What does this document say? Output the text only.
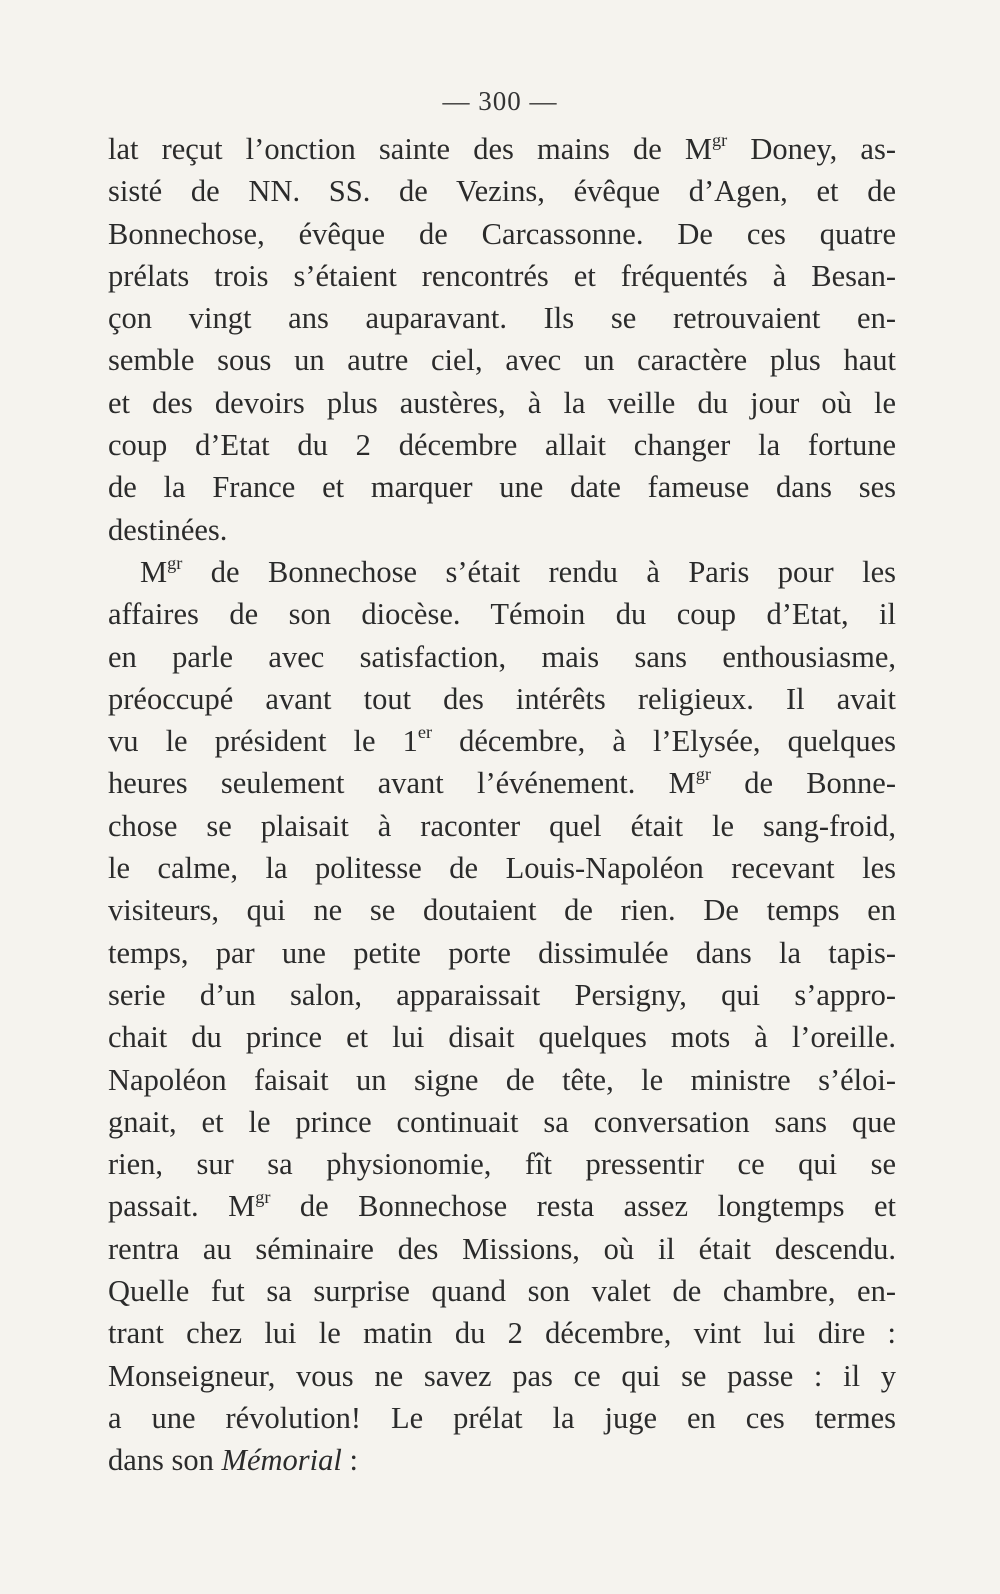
— 300 —
lat reçut l’onction sainte des mains de $M^{gr}$ Doney, as-
sisté de NN. SS. de Vezins, évêque d’Agen, et de
Bonnechose, évêque de Carcassonne. De ces quatre
prélats trois s’étaient rencontrés et fréquentés à Besan-
çon vingt ans auparavant. Ils se retrouvaient en-
semble sous un autre ciel, avec un caractère plus haut
et des devoirs plus austères, à la veille du jour où le
coup d’Etat du 2 décembre allait changer la fortune
de la France et marquer une date fameuse dans ses
destinées.
$M^{gr}$ de Bonnechose s’était rendu à Paris pour les
affaires de son diocèse. Témoin du coup d’Etat, il
en parle avec satisfaction, mais sans enthousiasme,
préoccupé avant tout des intérêts religieux. Il avait
vu le président le 1er décembre, à l’Elysée, quelques
heures seulement avant l’événement. $M^{gr}$ de Bonne-
chose se plaisait à raconter quel était le sang-froid,
le calme, la politesse de Louis-Napoléon recevant les
visiteurs, qui ne se doutaient de rien. De temps en
temps, par une petite porte dissimulée dans la tapis-
serie d’un salon, apparaissait Persigny, qui s’appro-
chait du prince et lui disait quelques mots à l’oreille.
Napoléon faisait un signe de tête, le ministre s’éloi-
gnait, et le prince continuait sa conversation sans que
rien, sur sa physionomie, fît pressentir ce qui se
passait. $M^{gr}$ de Bonnechose resta assez longtemps et
rentra au séminaire des Missions, où il était descendu.
Quelle fut sa surprise quand son valet de chambre, en-
trant chez lui le matin du 2 décembre, vint lui dire :
Monseigneur, vous ne savez pas ce qui se passe : il y
a une révolution! Le prélat la juge en ces termes
dans son Mémorial :
